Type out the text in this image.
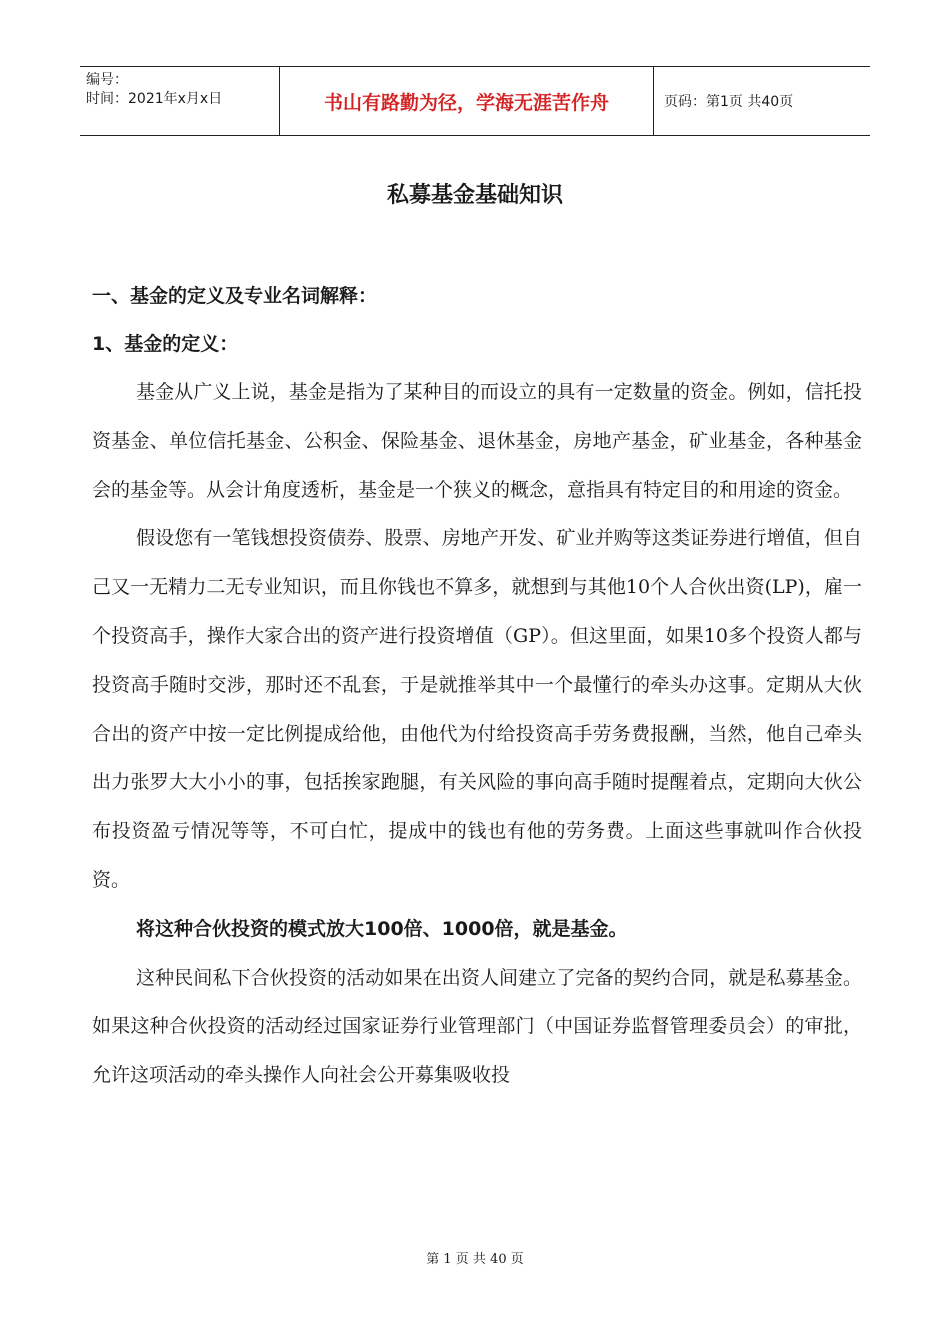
编号：
时间：2021年x月x日	书山有路勤为径，学海无涯苦作舟	页码：第1页 共40页
私募基金基础知识

一、基金的定义及专业名词解释：

1、基金的定义：

基金从广义上说，基金是指为了某种目的而设立的具有一定数量的资金。例如，信托投资基金、单位信托基金、公积金、保险基金、退休基金，房地产基金，矿业基金，各种基金会的基金等。从会计角度透析，基金是一个狭义的概念，意指具有特定目的和用途的资金。

假设您有一笔钱想投资债券、股票、房地产开发、矿业并购等这类证券进行增值，但自己又一无精力二无专业知识，而且你钱也不算多，就想到与其他10个人合伙出资(LP)，雇一个投资高手，操作大家合出的资产进行投资增值（GP）。但这里面，如果10多个投资人都与投资高手随时交涉，那时还不乱套，于是就推举其中一个最懂行的牵头办这事。定期从大伙合出的资产中按一定比例提成给他，由他代为付给投资高手劳务费报酬，当然，他自己牵头出力张罗大大小小的事，包括挨家跑腿，有关风险的事向高手随时提醒着点，定期向大伙公布投资盈亏情况等等，不可白忙，提成中的钱也有他的劳务费。上面这些事就叫作合伙投资。

将这种合伙投资的模式放大100倍、1000倍，就是基金。

这种民间私下合伙投资的活动如果在出资人间建立了完备的契约合同，就是私募基金。如果这种合伙投资的活动经过国家证券行业管理部门（中国证券监督管理委员会）的审批，允许这项活动的牵头操作人向社会公开募集吸收投

第 1 页 共 40 页
